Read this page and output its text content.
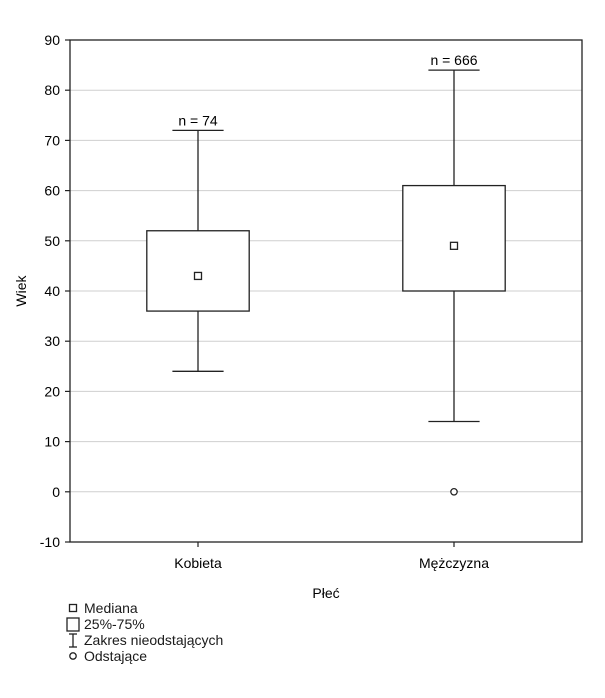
-10
0
10
20
30
40
50
60
70
80
90
Kobieta	Mężczyzna
n = 74
n = 666
Płeć
Wiek
Mediana
25%-75%
Zakres nieodstających
Odstające
